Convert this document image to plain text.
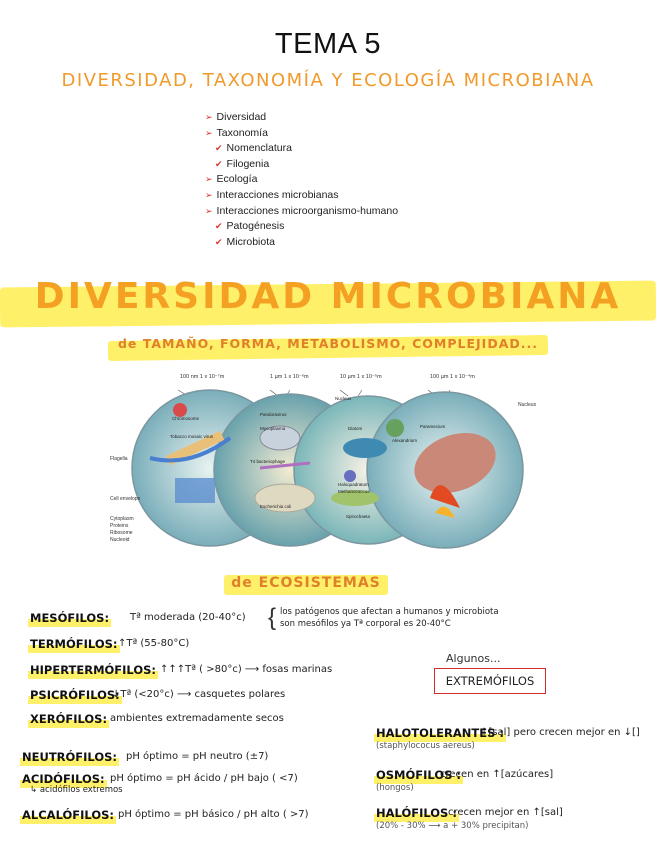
TEMA 5
DIVERSIDAD, TAXONOMÍA Y ECOLOGÍA MICROBIANA
➢ Diversidad
➢ Taxonomía
✔ Nomenclatura
✔ Filogenia
➢ Ecología
➢ Interacciones microbianas
➢ Interacciones microorganismo-humano
✔ Patogénesis
✔ Microbiota
DIVERSIDAD MICROBIANA
de TAMAÑO, FORMA, METABOLISMO, COMPLEJIDAD...
100 nm 1 x 10⁻⁷m	1 µm 1 x 10⁻⁶m	10 µm 1 x 10⁻⁵m	100 µm 1 x 10⁻⁴m
Flagella
Cell envelope
Cytoplasm
Proteins
Ribosome
Nucleoid
Nucleus
Chromosome
Tobacco mosaic virus
Pandoravirus
Mycoplasma
T4 bacteriophage
Escherichia coli
Nucleus
Diatom
Alexandrium
Haloquadratum
Methanococcus
Spirochaeta
Paramecium
de ECOSISTEMAS
MESÓFILOS: Tª moderada (20-40°c)
TERMÓFILOS: ↑Tª (55-80°C)
HIPERTERMÓFILOS: ↑↑↑Tª ( >80°c) ⟶ fosas marinas
PSICRÓFILOS:
↓Tª (<20°c) ⟶ casquetes polares
XERÓFILOS: ambientes extremadamente secos
{ los patógenos que afectan a humanos y microbiota
son mesófilos ya Tª corporal es 20-40°C
Algunos...
EXTREMÓFILOS
NEUTRÓFILOS: pH óptimo = pH neutro (±7)
ACIDÓFILOS: pH óptimo = pH ácido / pH bajo ( <7)
ALCALÓFILOS: pH óptimo = pH básico / pH alto ( >7)
↳ acidófilos extremos
HALOTOLERANTES :
↑[sal] pero crecen mejor en ↓[]
(staphylococus aereus)
OSMÓFILOS :
crecen en ↑[azúcares]
(hongos)
HALÓFILOS :
crecen mejor en ↑[sal]
(20% - 30% ⟶ a + 30% precipitan)
